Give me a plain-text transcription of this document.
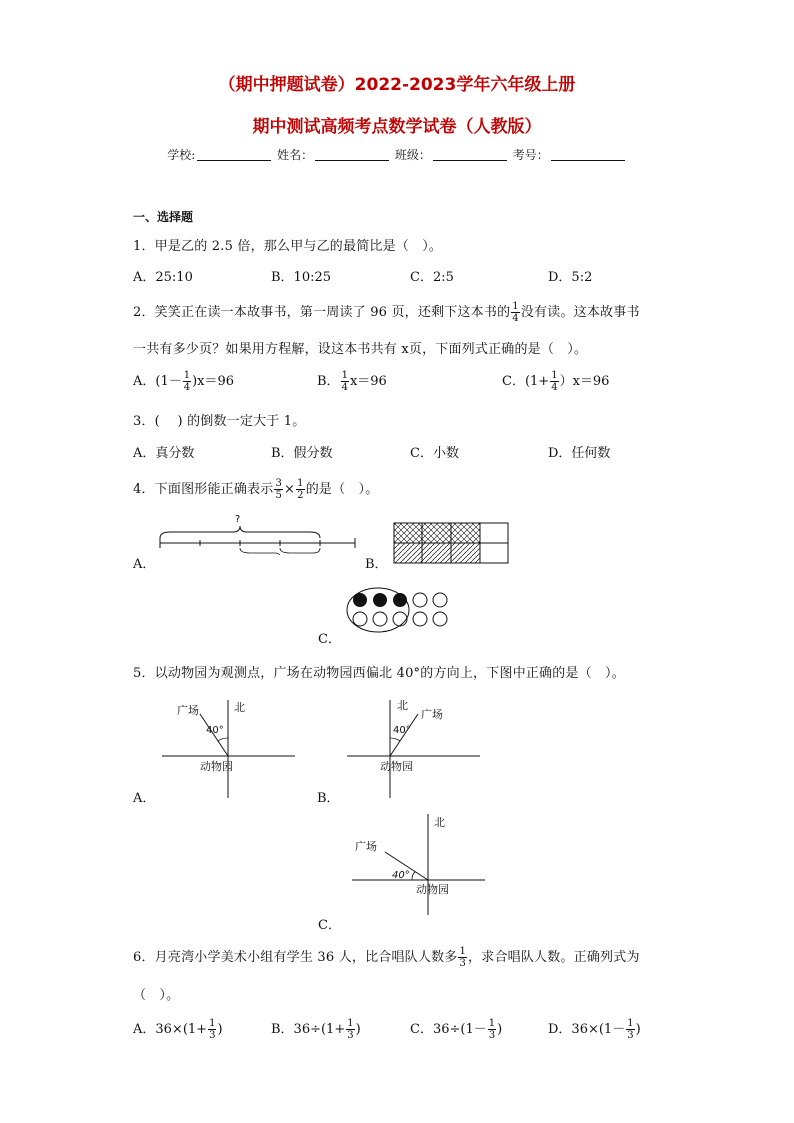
（期中押题试卷）2022-2023学年六年级上册
期中测试高频考点数学试卷（人教版）
学校:	姓名：	班级：	考号：
一、选择题
1．甲是乙的 2.5 倍，那么甲与乙的最简比是（　）。
A．25:10	B．10:25	C．2:5	D．5:2
2．笑笑正在读一本故事书，第一周读了 96 页，还剩下这本书的 $\frac{1}{4}$ 没有读。这本故事书
一共有多少页？如果用方程解，设这本书共有 x页，下面列式正确的是（　）。
A．$(1- \frac{1}{4} )x=96$	B． $\frac{1}{4} x=96$	C．$(1+ \frac{1}{4} )x=96$
3．(　 ) 的倒数一定大于 1。
A．真分数	B．假分数	C．小数	D．任何数
4．下面图形能正确表示 $\frac{3}{5} \times \frac{1}{2}$ 的是（　）。
A．
?
B．
C．
5．以动物园为观测点，广场在动物园西偏北 40°的方向上，下图中正确的是（　）。
北
广场
40°
动物园
A．
北
广场
40°
动物园
B．
北
广场
40°
动物园
C．
6．月亮湾小学美术小组有学生 36 人，比合唱队人数多 $\frac{1}{3}$ ，求合唱队人数。正确列式为
（　）。
A．$36\times(1+ \frac{1}{3}$ )	B．$36\div(1+ \frac{1}{3}$ )	C．$36\div(1- \frac{1}{3}$ )	D．$36\times(1- \frac{1}{3}$ )
